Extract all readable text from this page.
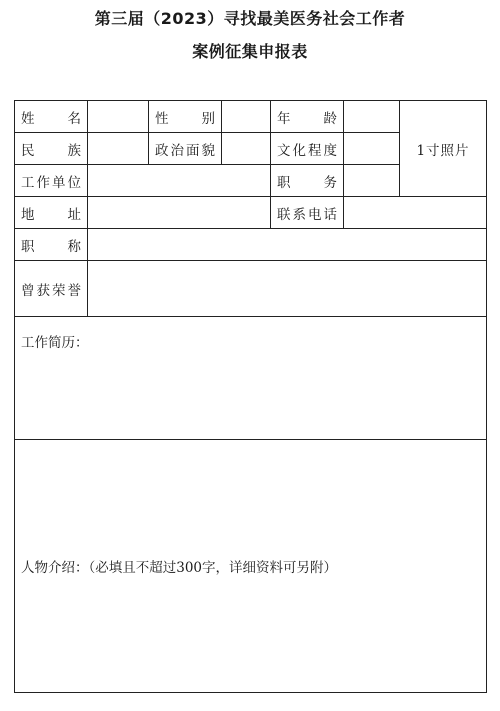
第三届（2023）寻找最美医务社会工作者
案例征集申报表
姓　名		性　别		年　龄		1寸照片
民　族		政治面貌		文化程度		
工作单位				职　务		
地　址				联系电话		
职　称						
曾获荣誉						
工作简历：						
人物介绍：（必填且不超过300字，详细资料可另附）						
